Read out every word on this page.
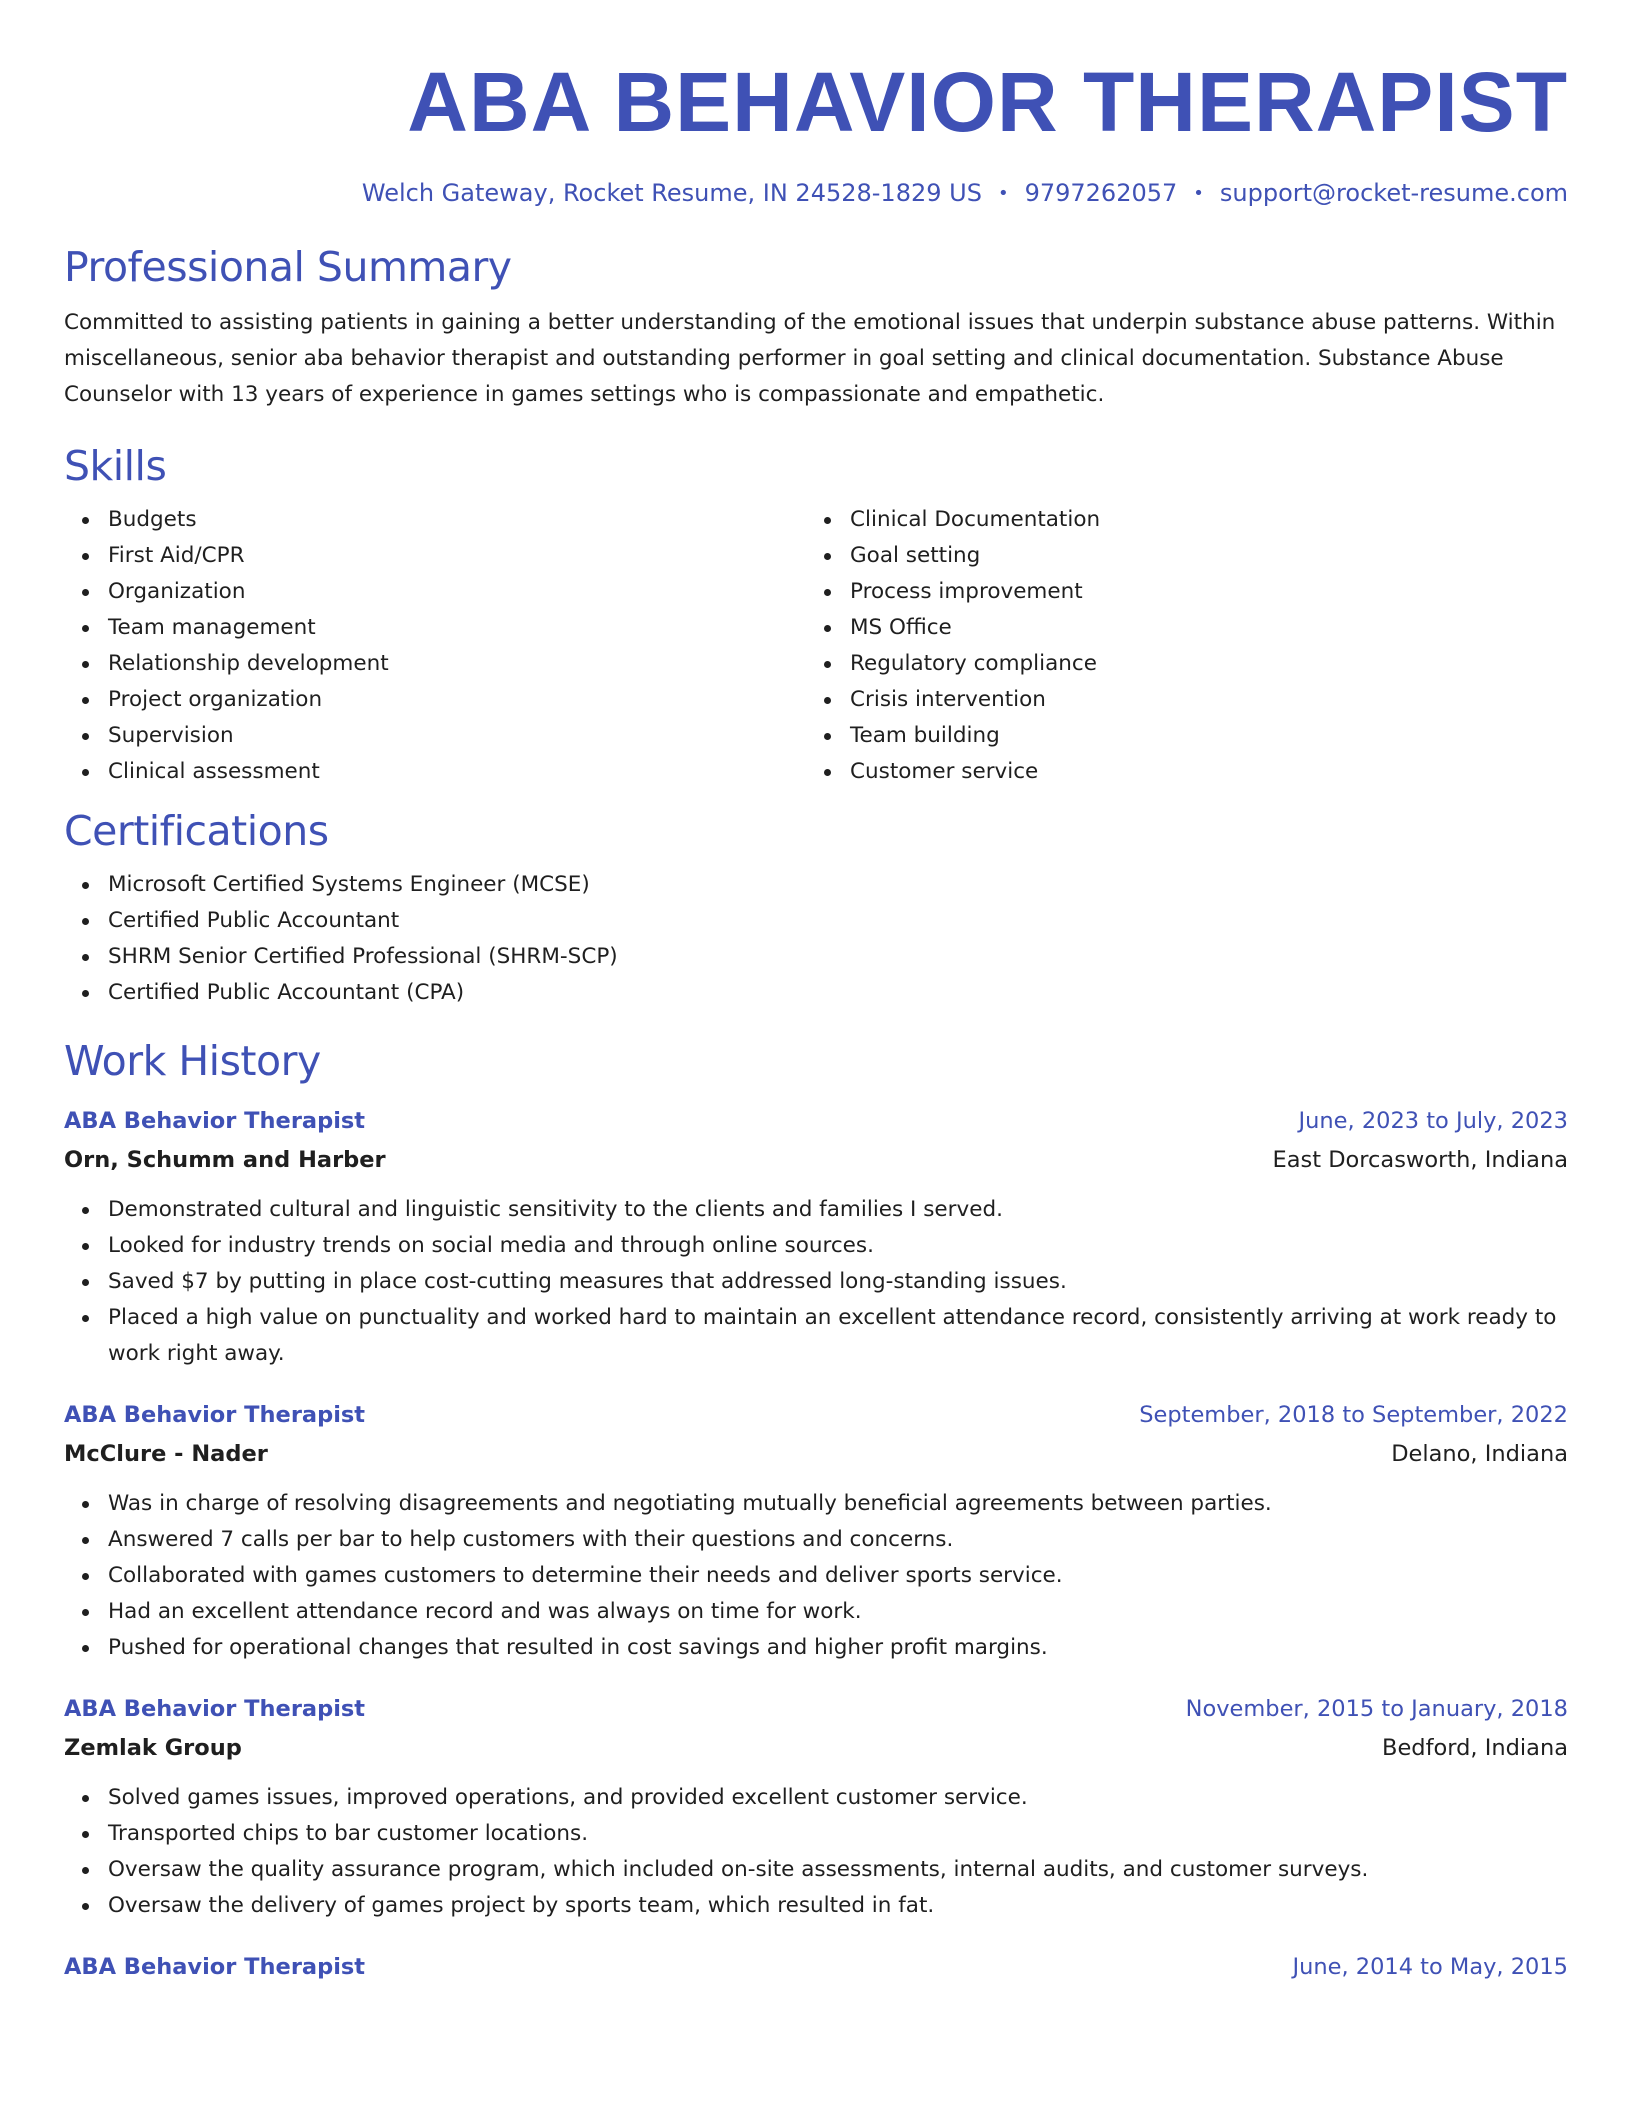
ABA BEHAVIOR THERAPIST
Welch Gateway, Rocket Resume, IN 24528-1829 US • 9797262057 • support@rocket-resume.com
Professional Summary

Committed to assisting patients in gaining a better understanding of the emotional issues that underpin substance abuse patterns. Within miscellaneous, senior aba behavior therapist and outstanding performer in goal setting and clinical documentation. Substance Abuse Counselor with 13 years of experience in games settings who is compassionate and empathetic.

Skills
Budgets
First Aid/CPR
Organization
Team management
Relationship development
Project organization
Supervision
Clinical assessment
Clinical Documentation
Goal setting
Process improvement
MS Office
Regulatory compliance
Crisis intervention
Team building
Customer service
Certifications
Microsoft Certified Systems Engineer (MCSE)
Certified Public Accountant
SHRM Senior Certified Professional (SHRM-SCP)
Certified Public Accountant (CPA)
Work History
ABA Behavior Therapist	June, 2023 to July, 2023
Orn, Schumm and Harber	East Dorcasworth, Indiana
Demonstrated cultural and linguistic sensitivity to the clients and families I served.
Looked for industry trends on social media and through online sources.
Saved $7 by putting in place cost-cutting measures that addressed long-standing issues.
Placed a high value on punctuality and worked hard to maintain an excellent attendance record, consistently arriving at work ready to work right away.
ABA Behavior Therapist	September, 2018 to September, 2022
McClure - Nader	Delano, Indiana
Was in charge of resolving disagreements and negotiating mutually beneficial agreements between parties.
Answered 7 calls per bar to help customers with their questions and concerns.
Collaborated with games customers to determine their needs and deliver sports service.
Had an excellent attendance record and was always on time for work.
Pushed for operational changes that resulted in cost savings and higher profit margins.
ABA Behavior Therapist	November, 2015 to January, 2018
Zemlak Group	Bedford, Indiana
Solved games issues, improved operations, and provided excellent customer service.
Transported chips to bar customer locations.
Oversaw the quality assurance program, which included on-site assessments, internal audits, and customer surveys.
Oversaw the delivery of games project by sports team, which resulted in fat.
ABA Behavior Therapist	June, 2014 to May, 2015
